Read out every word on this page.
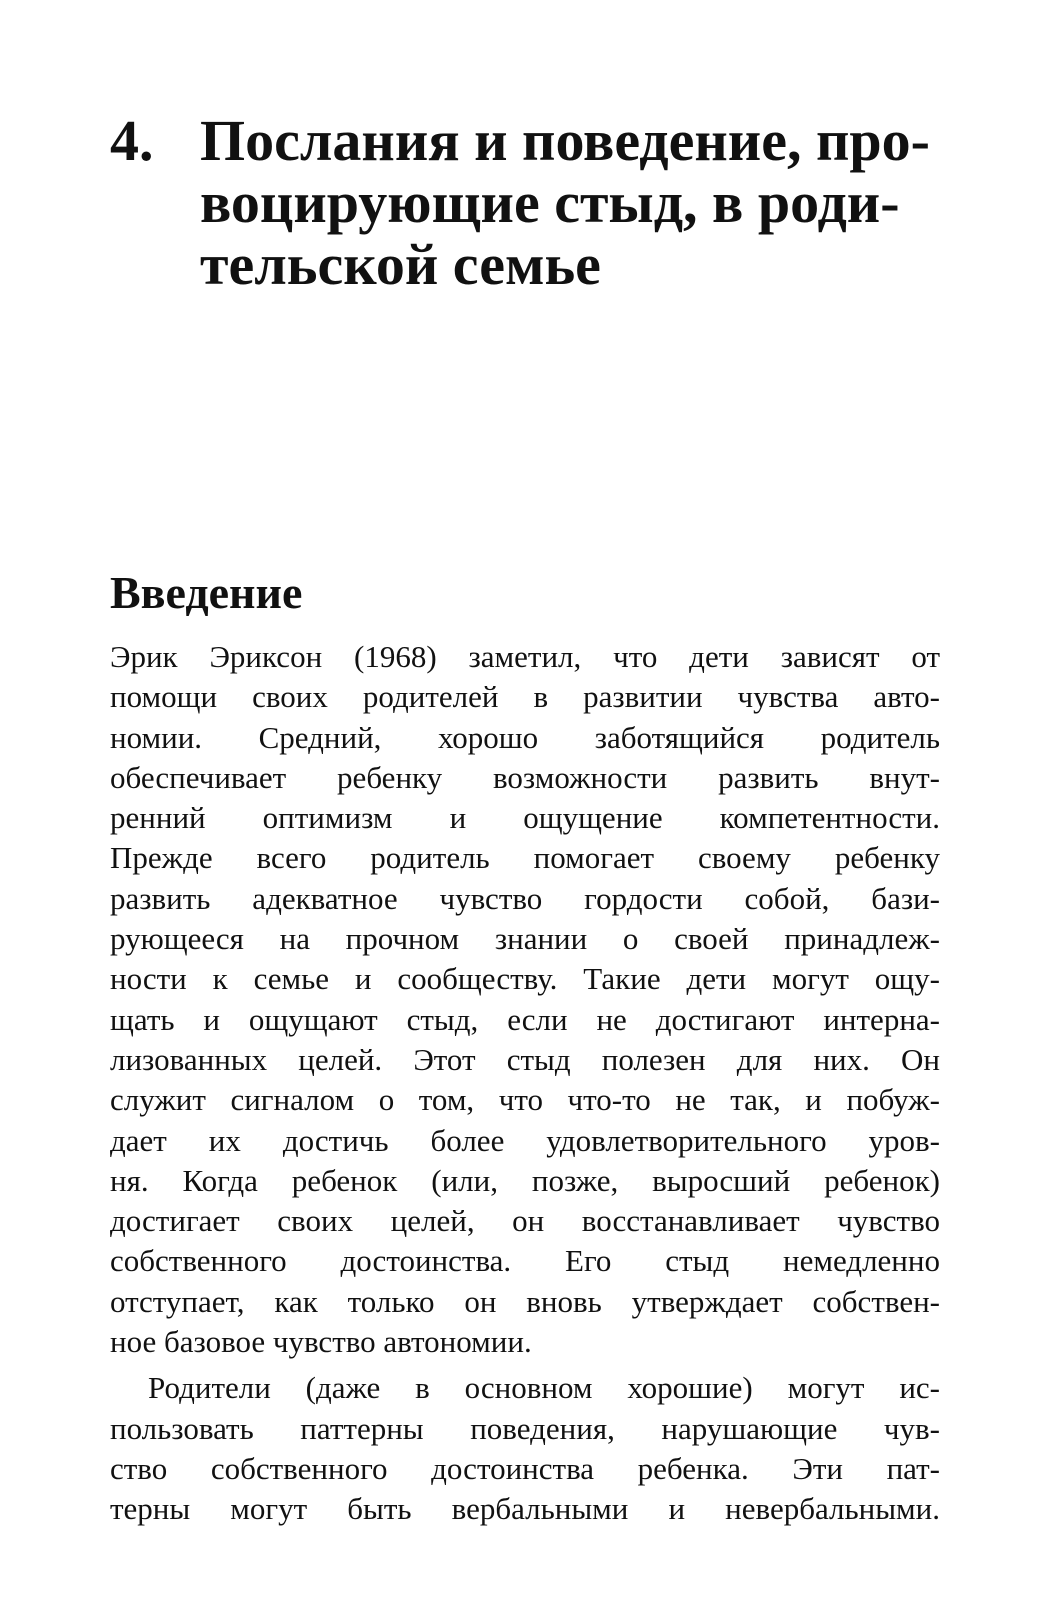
4. Послания и поведение, про-
воцирующие стыд, в роди-
тельской семье
Введение
Эрик Эриксон (1968) заметил, что дети зависят от
помощи своих родителей в развитии чувства авто-
номии. Средний, хорошо заботящийся родитель
обеспечивает ребенку возможности развить внут-
ренний оптимизм и ощущение компетентности.
Прежде всего родитель помогает своему ребенку
развить адекватное чувство гордости собой, бази-
рующееся на прочном знании о своей принадлеж-
ности к семье и сообществу. Такие дети могут ощу-
щать и ощущают стыд, если не достигают интерна-
лизованных целей. Этот стыд полезен для них. Он
служит сигналом о том, что что-то не так, и побуж-
дает их достичь более удовлетворительного уров-
ня. Когда ребенок (или, позже, выросший ребенок)
достигает своих целей, он восстанавливает чувство
собственного достоинства. Его стыд немедленно
отступает, как только он вновь утверждает собствен-
ное базовое чувство автономии.
Родители (даже в основном хорошие) могут ис-
пользовать паттерны поведения, нарушающие чув-
ство собственного достоинства ребенка. Эти пат-
терны могут быть вербальными и невербальными.
